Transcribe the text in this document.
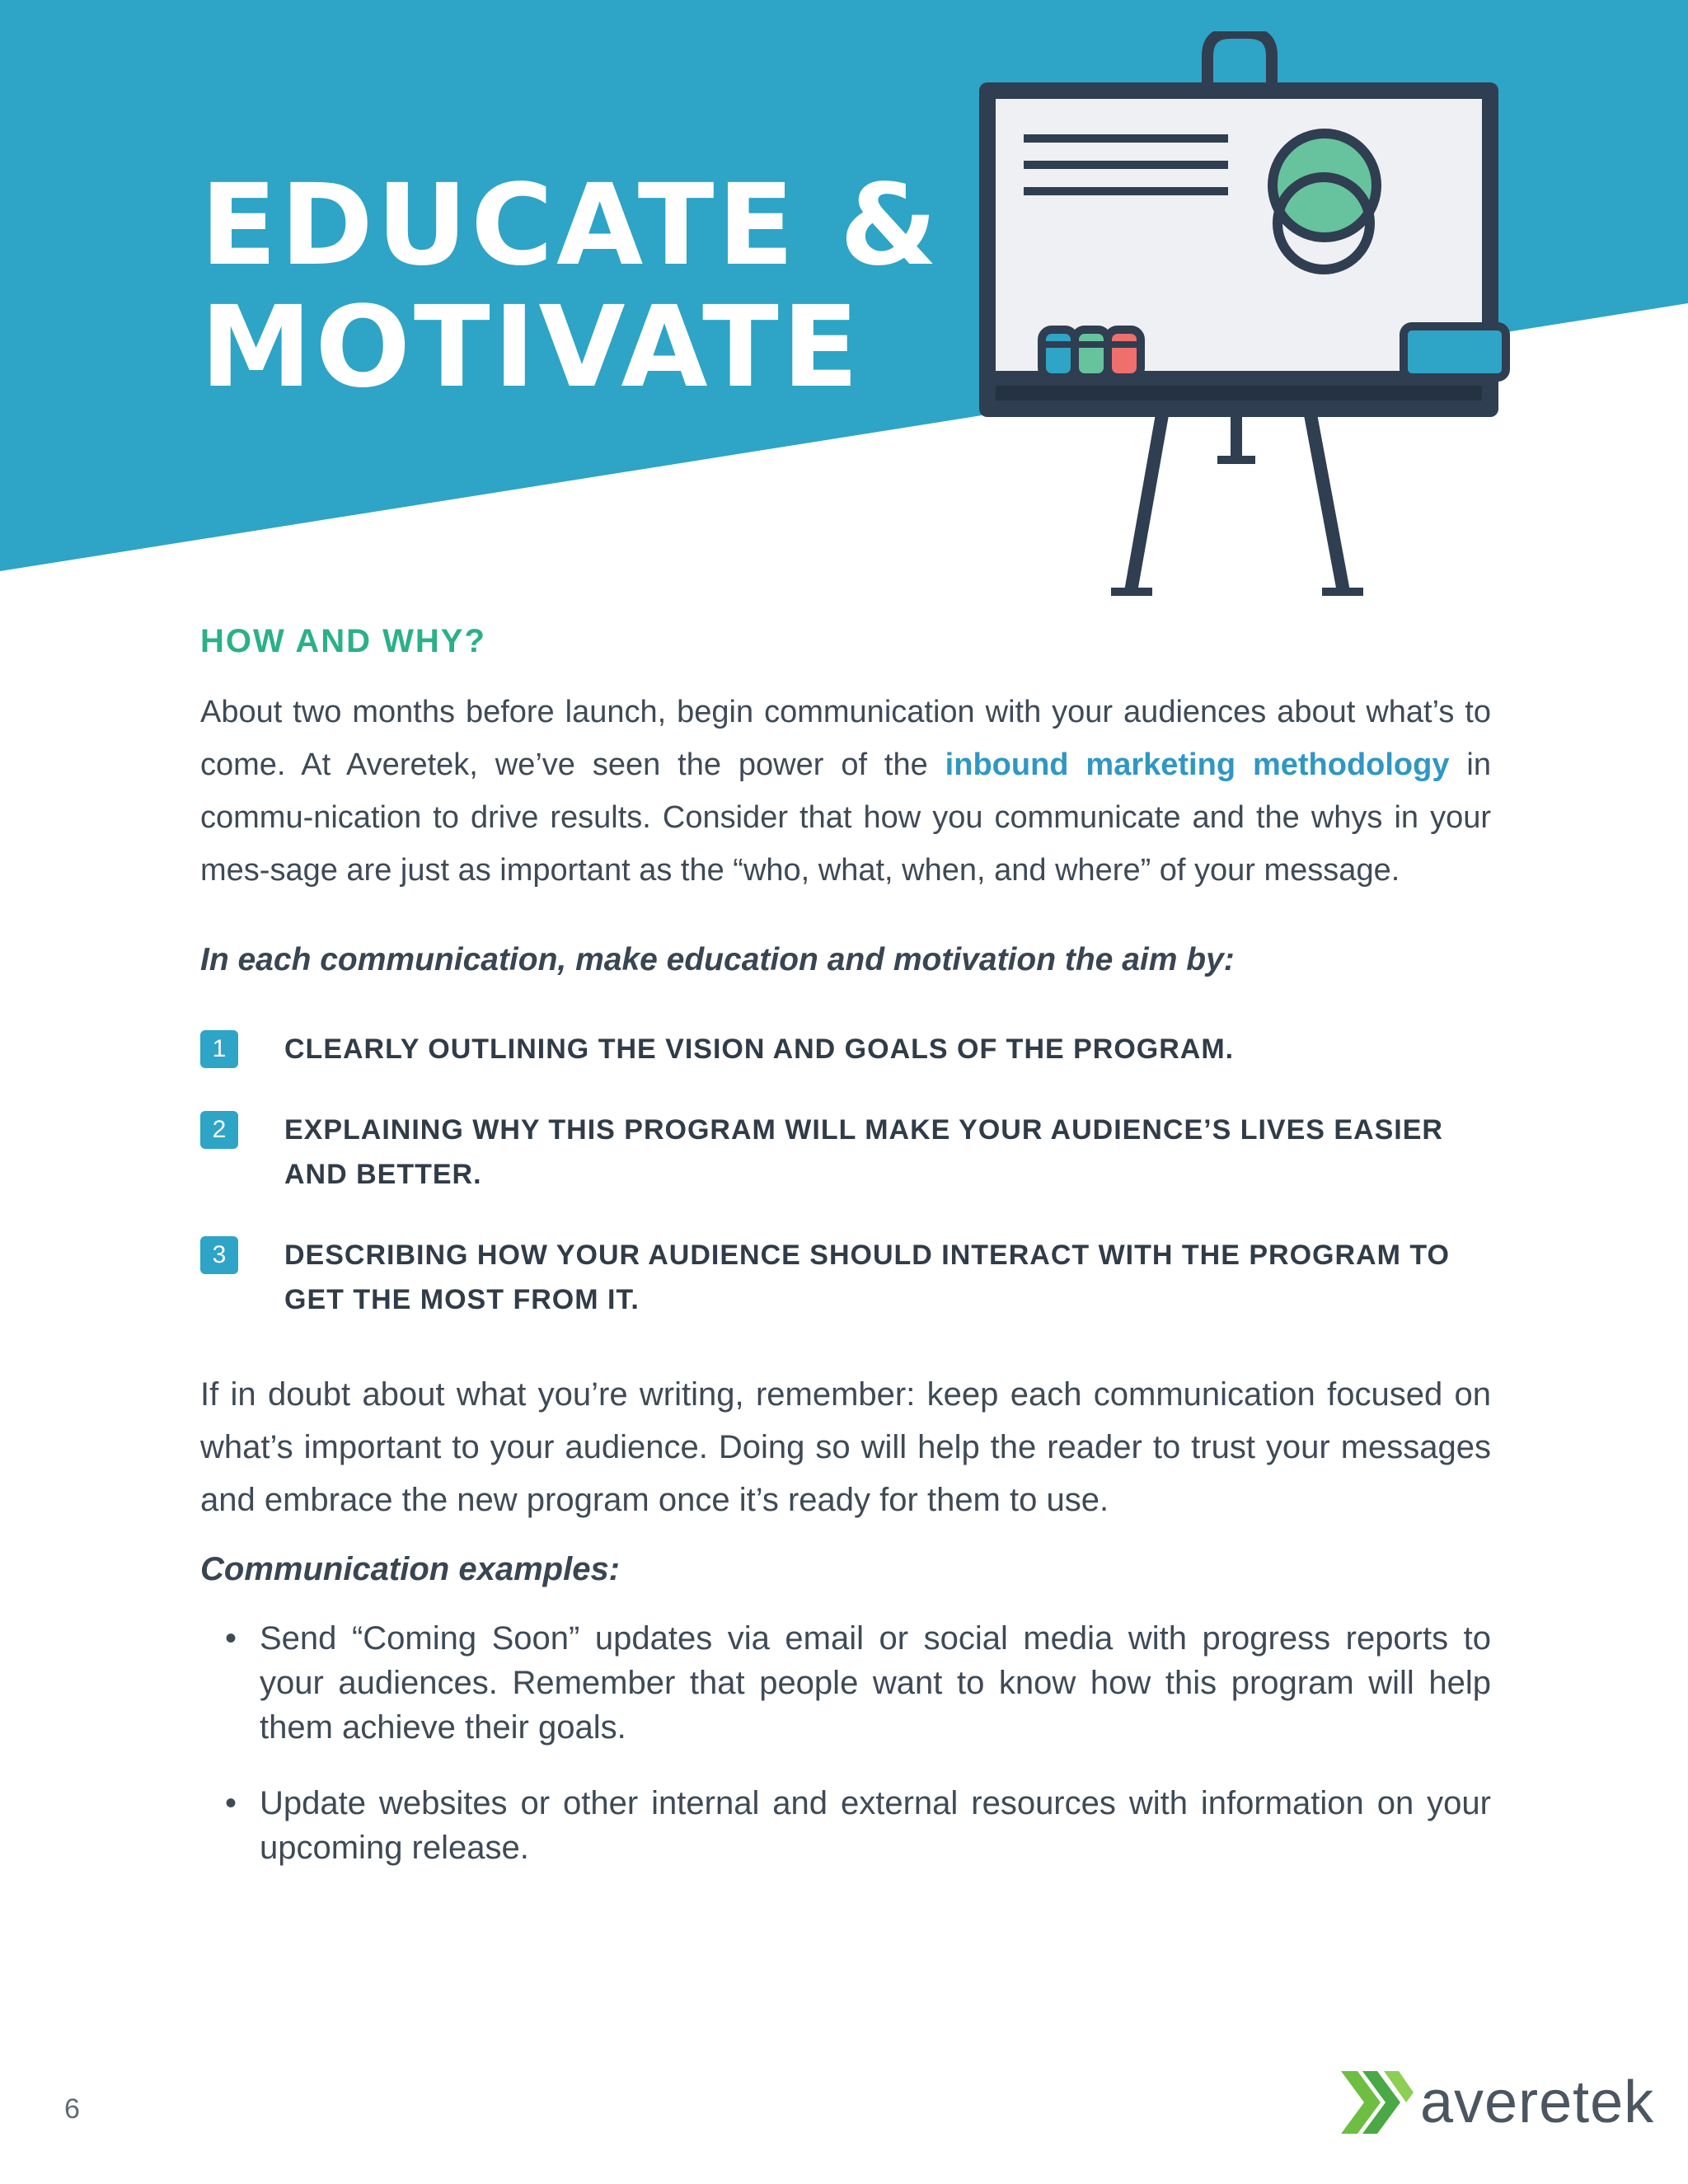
EDUCATE &
MOTIVATE
HOW AND WHY?

About two months before launch, begin communication with your audiences about what’s to come. At Averetek, we’ve seen the power of the inbound marketing methodology in commu-nication to drive results. Consider that how you communicate and the whys in your mes-sage are just as important as the “who, what, when, and where” of your message.

In each communication, make education and motivation the aim by:

1	CLEARLY OUTLINING THE VISION AND GOALS OF THE PROGRAM.
2	EXPLAINING WHY THIS PROGRAM WILL MAKE YOUR AUDIENCE’S LIVES EASIER AND BETTER.
3	DESCRIBING HOW YOUR AUDIENCE SHOULD INTERACT WITH THE PROGRAM TO GET THE MOST FROM IT.

If in doubt about what you’re writing, remember: keep each communication focused on what’s important to your audience. Doing so will help the reader to trust your messages and embrace the new program once it’s ready for them to use.

Communication examples:

• Send “Coming Soon” updates via email or social media with progress reports to your audiences. Remember that people want to know how this program will help them achieve their goals.
• Update websites or other internal and external resources with information on your upcoming release.
6	averetek
